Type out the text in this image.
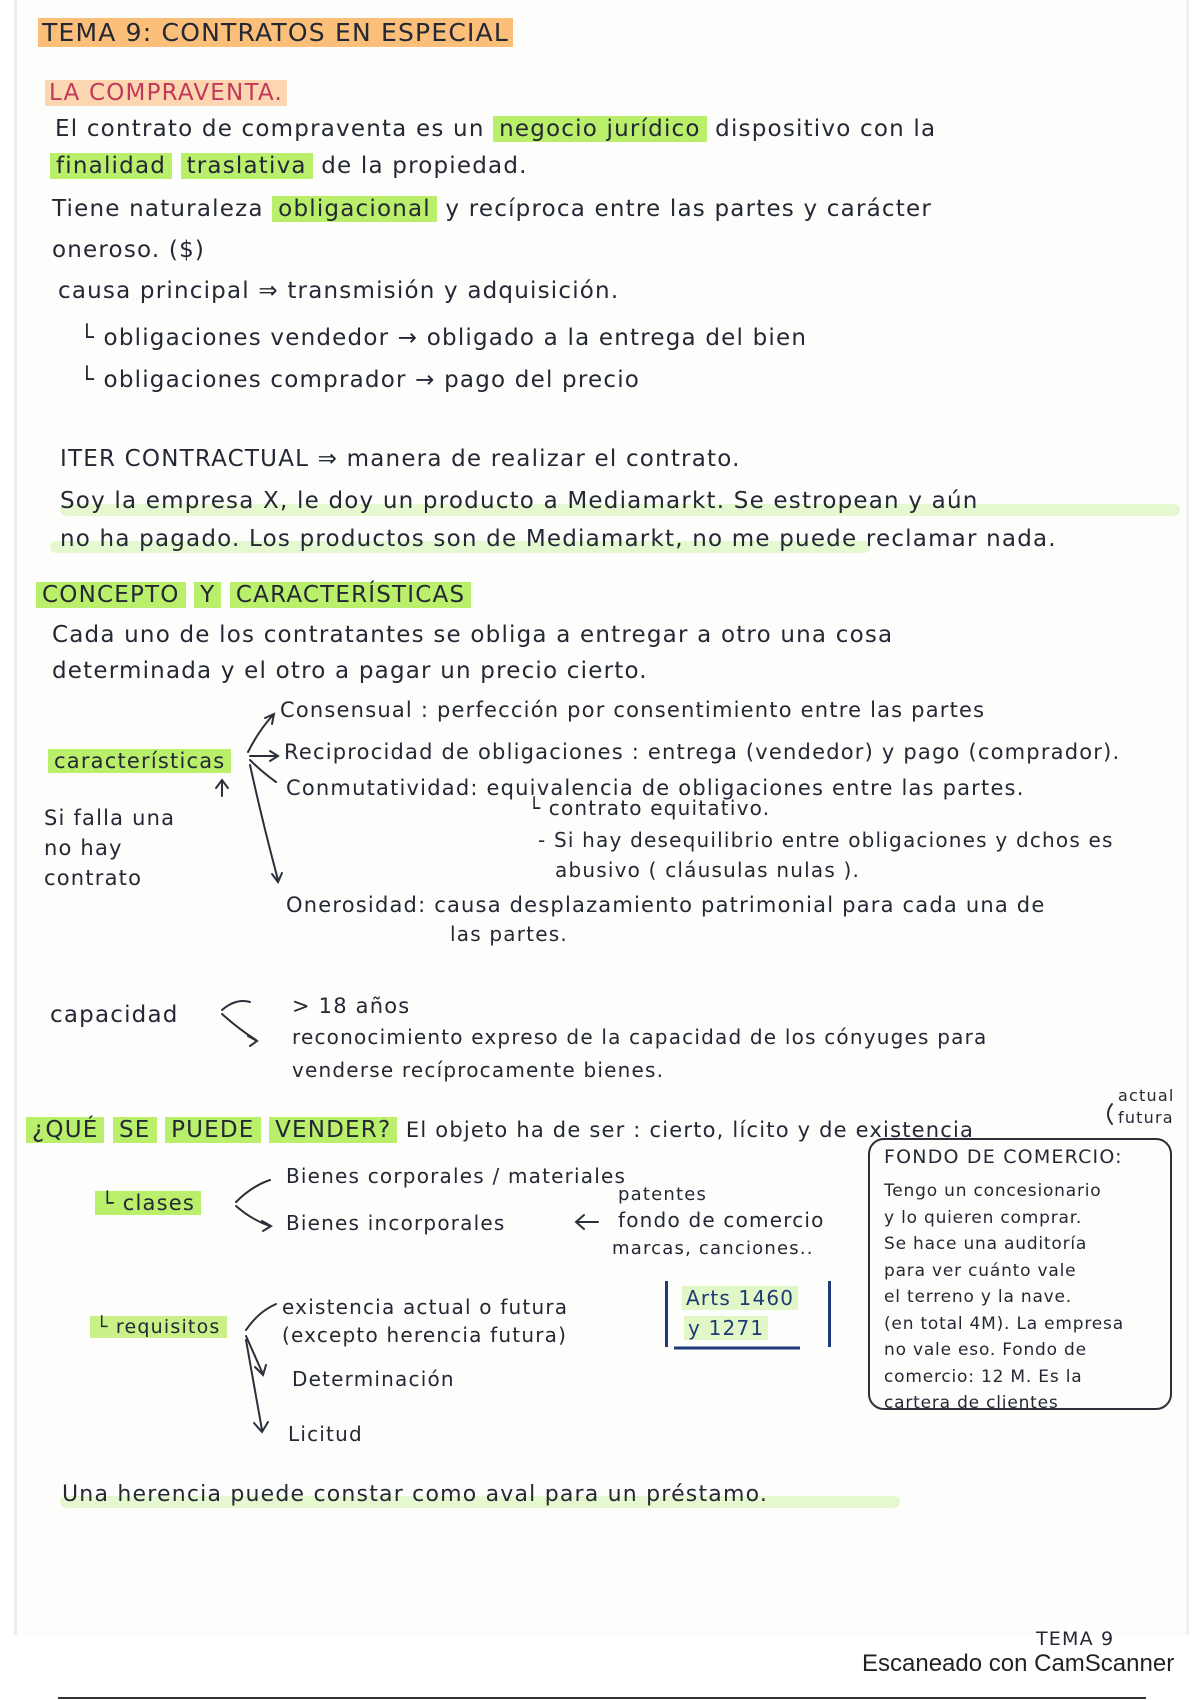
TEMA 9: CONTRATOS EN ESPECIAL
LA COMPRAVENTA.
El contrato de compraventa es un negocio jurídico dispositivo con la
finalidad traslativa de la propiedad.
Tiene naturaleza obligacional y recíproca entre las partes y carácter
oneroso. ($)
causa principal ⇒ transmisión y adquisición.
└ obligaciones vendedor → obligado a la entrega del bien
└ obligaciones comprador → pago del precio
ITER CONTRACTUAL ⇒ manera de realizar el contrato.
Soy la empresa X, le doy un producto a Mediamarkt. Se estropean y aún
no ha pagado. Los productos son de Mediamarkt, no me puede reclamar nada.
CONCEPTO Y CARACTERÍSTICAS
Cada uno de los contratantes se obliga a entregar a otro una cosa
determinada y el otro a pagar un precio cierto.
características
Si falla una
no hay
contrato
Consensual : perfección por consentimiento entre las partes
Reciprocidad de obligaciones : entrega (vendedor) y pago (comprador).
Conmutatividad: equivalencia de obligaciones entre las partes.
└ contrato equitativo.
- Si hay desequilibrio entre obligaciones y dchos es
abusivo ( cláusulas nulas ).
Onerosidad: causa desplazamiento patrimonial para cada una de
las partes.
capacidad	> 18 años
reconocimiento expreso de la capacidad de los cónyuges para
venderse recíprocamente bienes.
¿QUÉ SE PUEDE VENDER? El objeto ha de ser : cierto, lícito y de existencia
actual
futura
└ clases
Bienes corporales / materiales
Bienes incorporales
patentes
fondo de comercio
marcas, canciones..
└ requisitos
existencia actual o futura
(excepto herencia futura)
Arts 1460
y 1271
Determinación
Licitud
FONDO DE COMERCIO:
Tengo un concesionario
y lo quieren comprar.
Se hace una auditoría
para ver cuánto vale
el terreno y la nave.
(en total 4M). La empresa
no vale eso. Fondo de
comercio: 12 M. Es la
cartera de clientes
Una herencia puede constar como aval para un préstamo.
TEMA 9
Escaneado con CamScanner
